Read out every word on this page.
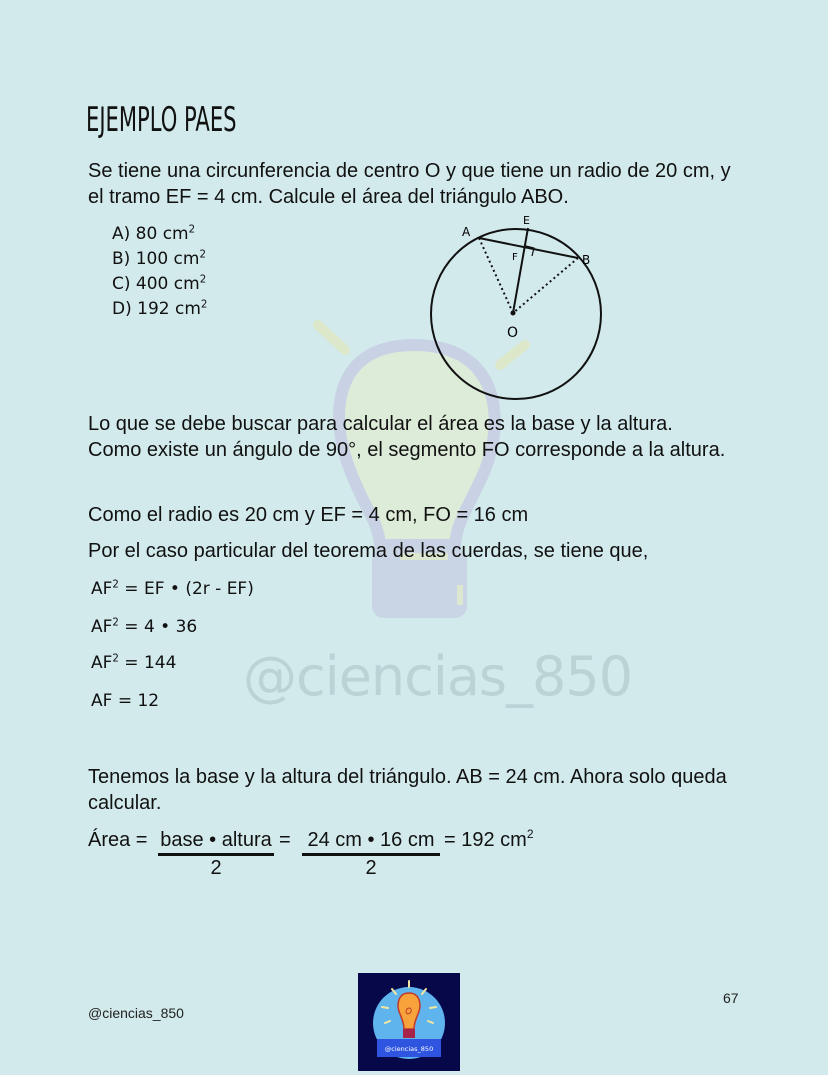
@ciencias_850
EJEMPLO PAES
Se tiene una circunferencia de centro O y que tiene un radio de 20 cm, y el tramo EF = 4 cm. Calcule el área del triángulo ABO.
A) 80 $cm^2$
B) 100 $cm^2$
C) 400 $cm^2$
D) 192 $cm^2$
A
E
F	B
O
Lo que se debe buscar para calcular el área es la base y la altura. Como existe un ángulo de 90°, el segmento FO corresponde a la altura.
Como el radio es 20 cm y EF = 4 cm, FO = 16 cm
Por el caso particular del teorema de las cuerdas, se tiene que,
$AF^2$ = EF • (2r - EF)
$AF^2 = 4$ • 36
$AF^2 = 144$
AF = 12
Tenemos la base y la altura del triángulo. AB = 24 cm. Ahora solo queda calcular.
Área = base • altura
2
= $\frac{24 cm • 16 cm}{2} = 192$ $cm^2$
@ciencias_850
67
@ciencias_850
